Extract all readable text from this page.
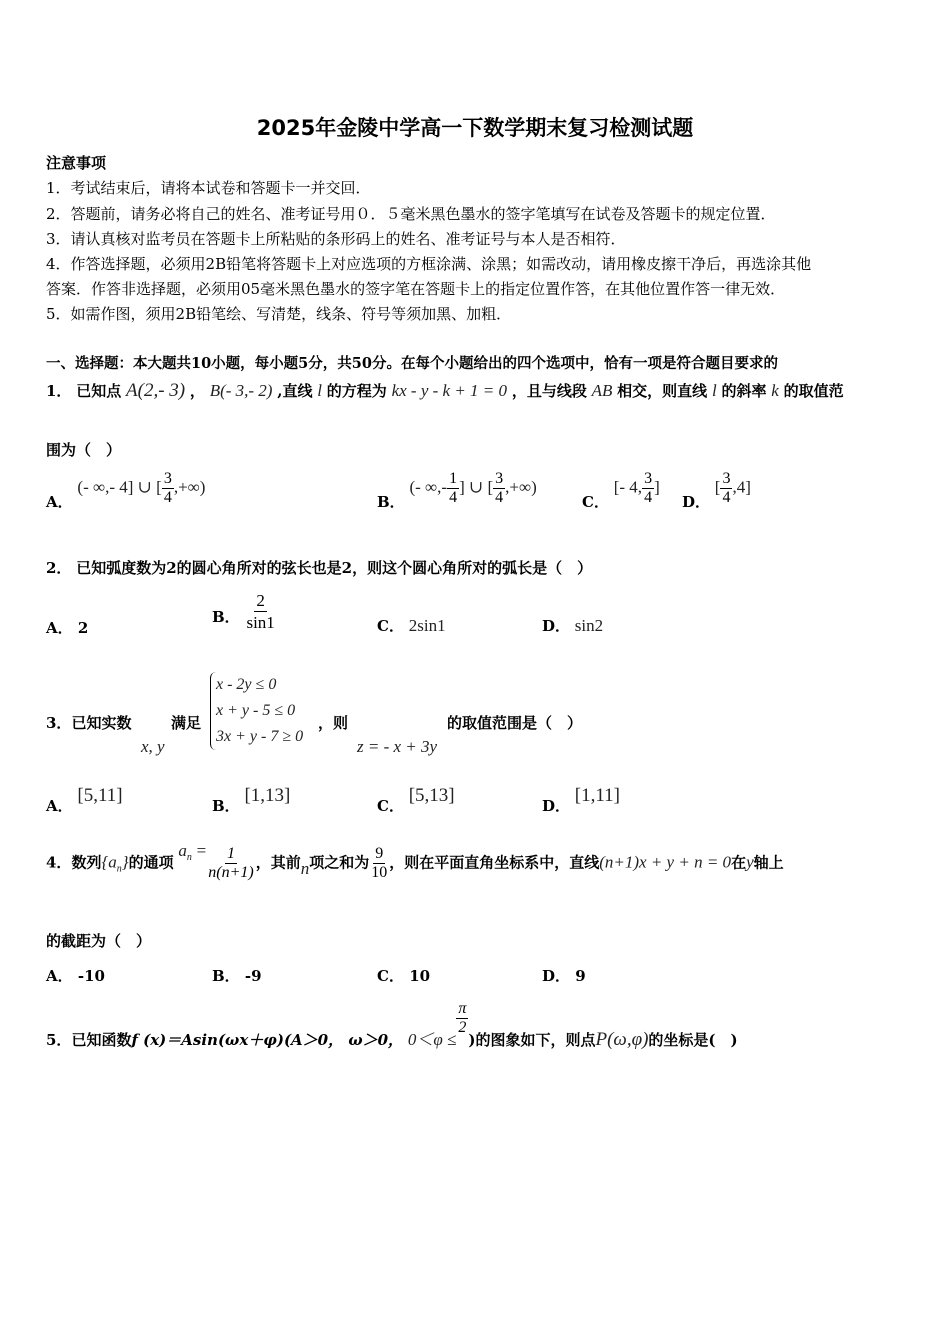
2025年金陵中学高一下数学期末复习检测试题
注意事项
1．考试结束后，请将本试卷和答题卡一并交回．
2．答题前，请务必将自己的姓名、准考证号用０．５毫米黑色墨水的签字笔填写在试卷及答题卡的规定位置．
3．请认真核对监考员在答题卡上所粘贴的条形码上的姓名、准考证号与本人是否相符．
4．作答选择题，必须用2B铅笔将答题卡上对应选项的方框涂满、涂黑；如需改动，请用橡皮擦干净后，再选涂其他
答案．作答非选择题，必须用05毫米黑色墨水的签字笔在答题卡上的指定位置作答，在其他位置作答一律无效．
5．如需作图，须用2B铅笔绘、写清楚，线条、符号等须加黑、加粗．
一、选择题：本大题共10小题，每小题5分，共50分。在每个小题给出的四个选项中，恰有一项是符合题目要求的
1． 已知点 A(2,- 3) ， B(- 3,- 2) ,直线 l 的方程为 kx - y - k + 1 = 0 ，且与线段 AB 相交，则直线 l 的斜率 k 的取值范
围为（　）
A． (- ∞,- 4] ∪ [ $\frac{3}{4}$ ,+∞)
B． (- ∞,- $\frac{1}{4}$ ] ∪ [ $\frac{3}{4}$ ,+∞)
C． [- 4, $\frac{3}{4}$ ]
D． [ $\frac{3}{4} ,4$]
2． 已知弧度数为2的圆心角所对的弦长也是2，则这个圆心角所对的弧长是（　）
A． 2
B． $\frac{2}{\sin 1}$	C． 2sin1	D． sin2
3．已知实数
x, y
满足
x - 2y ≤ 0
x + y - 5 ≤ 0
3x + y - 7 ≥ 0
，则
z = - x + 3y
的取值范围是（　）
A． [5,11]	B． [1,13]	C． [5,13]	D． [1,11]
4．数列$\{a_n\}$的通项 $a_n = \frac{1}{n(n+1)}$ ，其前n项之和为 $\frac{9}{10}$ ，则在平面直角坐标系中，直线(n+1)x + y + n = 0在y轴上
的截距为（　）
A． -10	B． -9	C． 10	D． 9
5．已知函数f (x)＝Asin(ωx＋φ)(A＞0， ω＞0， 0＜φ ≤
$\frac{\pi}{2}$
)的图象如下，则点P(ω,φ)的坐标是(　)
